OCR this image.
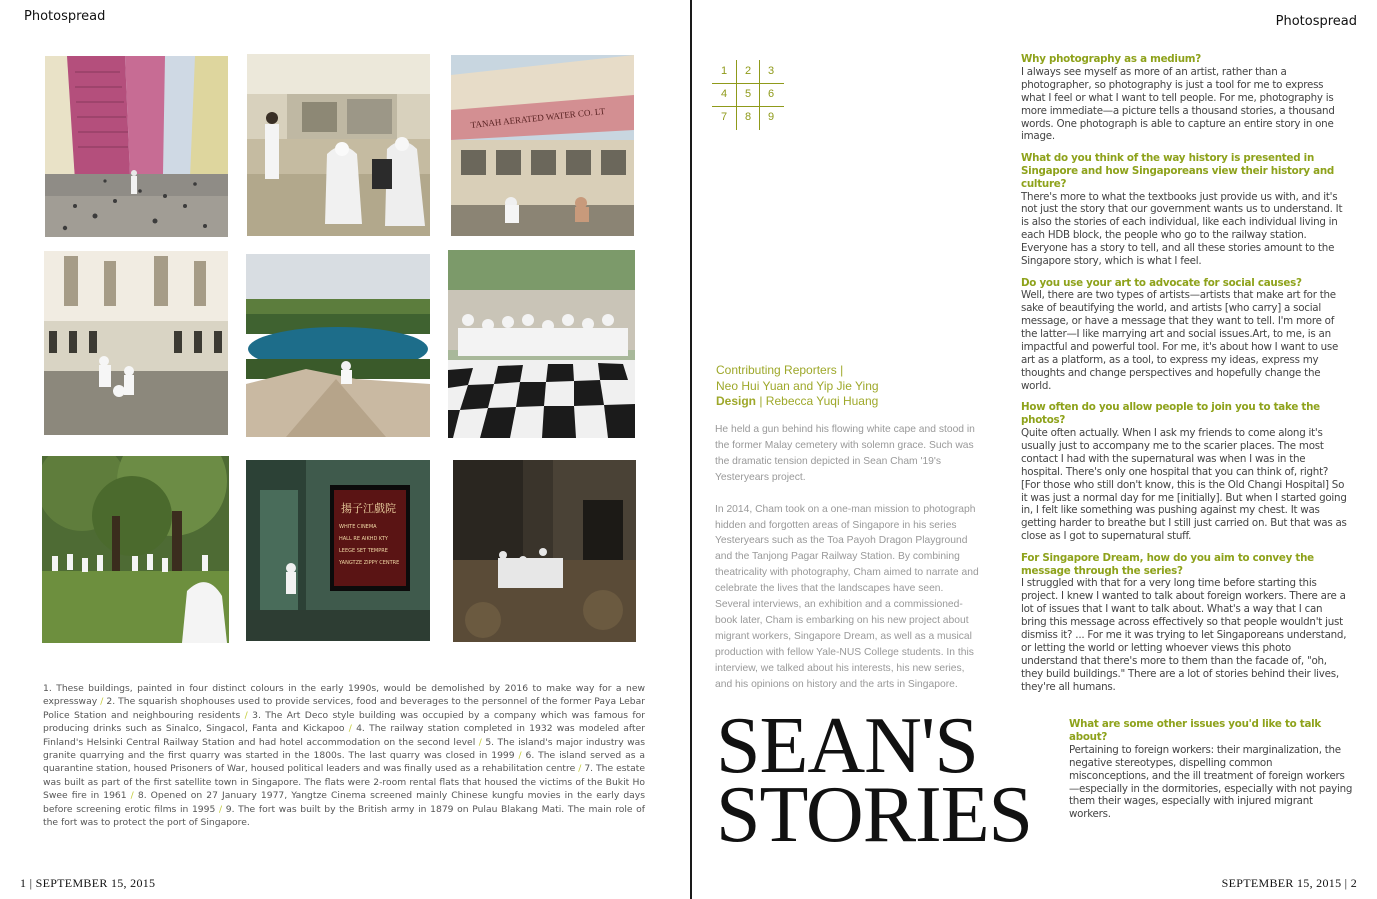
Photospread
TANAH AERATED WATER CO. LT
揚子江戲院
WHITE CINEMA
HALL RE AIKHD KTY
LEEGE SET TEMPRE
YANGTZE ZIPPY CENTRE
1. These buildings, painted in four distinct colours in the early 1990s, would be demolished by 2016 to make way for a new expressway / 2. The squarish shophouses used to provide services, food and beverages to the personnel of the former Paya Lebar Police Station and neighbouring residents / 3. The Art Deco style building was occupied by a company which was famous for producing drinks such as Sinalco, Singacol, Fanta and Kickapoo / 4. The railway station completed in 1932 was modeled after Finland's Helsinki Central Railway Station and had hotel accommodation on the second level / 5. The island's major industry was granite quarrying and the first quarry was started in the 1800s. The last quarry was closed in 1999 / 6. The island served as a quarantine station, housed Prisoners of War, housed political leaders and was finally used as a rehabilitation centre / 7. The estate was built as part of the first satellite town in Singapore. The flats were 2-room rental flats that housed the victims of the Bukit Ho Swee fire in 1961 / 8. Opened on 27 January 1977, Yangtze Cinema screened mainly Chinese kungfu movies in the early days before screening erotic films in 1995 / 9. The fort was built by the British army in 1879 on Pulau Blakang Mati. The main role of the fort was to protect the port of Singapore.
1 | SEPTEMBER 15, 2015
Photospread
1	2	3
4	5	6
7	8	9
Contributing Reporters |
Neo Hui Yuan and Yip Jie Ying
Design | Rebecca Yuqi Huang

He held a gun behind his flowing white cape and stood in the former Malay cemetery with solemn grace. Such was the dramatic tension depicted in Sean Cham '19's Yesteryears project.

In 2014, Cham took on a one-man mission to photograph hidden and forgotten areas of Singapore in his series Yesteryears such as the Toa Payoh Dragon Playground and the Tanjong Pagar Railway Station. By combining theatricality with photography, Cham aimed to narrate and celebrate the lives that the landscapes have seen. Several interviews, an exhibition and a commissioned-book later, Cham is embarking on his new project about migrant workers, Singapore Dream, as well as a musical production with fellow Yale-NUS College students. In this interview, we talked about his interests, his new series, and his opinions on history and the arts in Singapore.

SEAN'S
STORIES
Why photography as a medium?
I always see myself as more of an artist, rather than a photographer, so photography is just a tool for me to express what I feel or what I want to tell people. For me, photography is more immediate—a picture tells a thousand stories, a thousand words. One photograph is able to capture an entire story in one image.
What do you think of the way history is presented in Singapore and how Singaporeans view their history and culture?
There's more to what the textbooks just provide us with, and it's not just the story that our government wants us to understand. It is also the stories of each individual, like each individual living in each HDB block, the people who go to the railway station. Everyone has a story to tell, and all these stories amount to the Singapore story, which is what I feel.
Do you use your art to advocate for social causes?
Well, there are two types of artists—artists that make art for the sake of beautifying the world, and artists [who carry] a social message, or have a message that they want to tell. I'm more of the latter—I like marrying art and social issues.Art, to me, is an impactful and powerful tool. For me, it's about how I want to use art as a platform, as a tool, to express my ideas, express my thoughts and change perspectives and hopefully change the world.
How often do you allow people to join you to take the photos?
Quite often actually. When I ask my friends to come along it's usually just to accompany me to the scarier places. The most contact I had with the supernatural was when I was in the hospital. There's only one hospital that you can think of, right? [For those who still don't know, this is the Old Changi Hospital] So it was just a normal day for me [initially]. But when I started going in, I felt like something was pushing against my chest. It was getting harder to breathe but I still just carried on. But that was as close as I got to supernatural stuff.
For Singapore Dream, how do you aim to convey the message through the series?
I struggled with that for a very long time before starting this project. I knew I wanted to talk about foreign workers. There are a lot of issues that I want to talk about. What's a way that I can bring this message across effectively so that people wouldn't just dismiss it? ... For me it was trying to let Singaporeans understand, or letting the world or letting whoever views this photo understand that there's more to them than the facade of, "oh, they build buildings." There are a lot of stories behind their lives, they're all humans.
What are some other issues you'd like to talk about?
Pertaining to foreign workers: their marginalization, the negative stereotypes, dispelling common misconceptions, and the ill treatment of foreign workers—especially in the dormitories, especially with not paying them their wages, especially with injured migrant workers.
SEPTEMBER 15, 2015 | 2
